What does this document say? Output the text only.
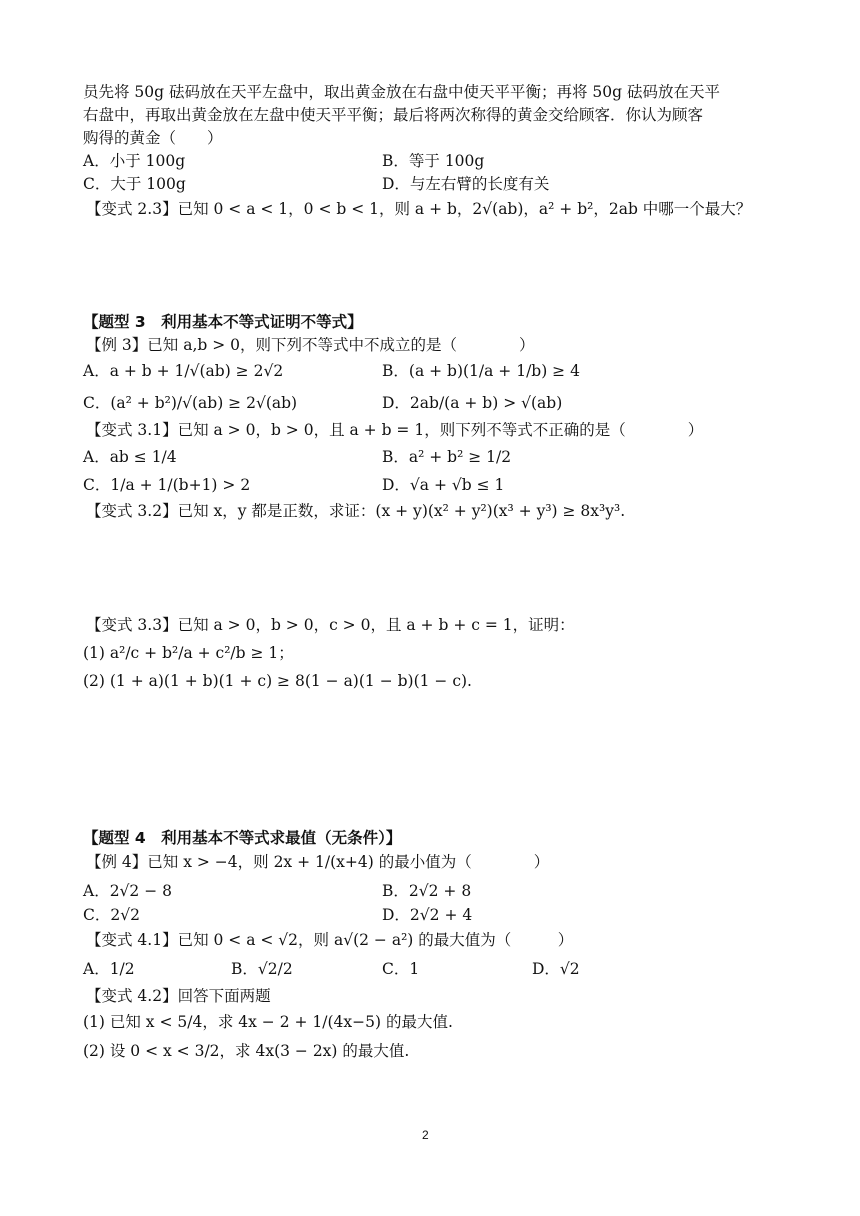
员先将 50g 砝码放在天平左盘中，取出黄金放在右盘中使天平平衡；再将 50g 砝码放在天平
右盘中，再取出黄金放在左盘中使天平平衡；最后将两次称得的黄金交给顾客．你认为顾客
购得的黄金（　　）
A．小于 100g	B．等于 100g
C．大于 100g	D．与左右臂的长度有关
【变式 2.3】已知 0 < a < 1，0 < b < 1，则 a + b，2√(ab)，a² + b²，2ab 中哪一个最大？
【题型 3　利用基本不等式证明不等式】
【例 3】已知 a,b > 0，则下列不等式中不成立的是（　　　　）
A．a + b + 1/√(ab) ≥ 2√2	B．(a + b)(1/a + 1/b) ≥ 4
C．(a² + b²)/√(ab) ≥ 2√(ab)	D．2ab/(a + b) > √(ab)
【变式 3.1】已知 a > 0，b > 0，且 a + b = 1，则下列不等式不正确的是（　　　　）
A．ab ≤ 1/4	B．a² + b² ≥ 1/2
C．1/a + 1/(b+1) > 2	D．√a + √b ≤ 1
【变式 3.2】已知 x，y 都是正数，求证：(x + y)(x² + y²)(x³ + y³) ≥ 8x³y³.
【变式 3.3】已知 a > 0，b > 0，c > 0，且 a + b + c = 1，证明：
(1) a²/c + b²/a + c²/b ≥ 1；
(2) (1 + a)(1 + b)(1 + c) ≥ 8(1 − a)(1 − b)(1 − c).
【题型 4　利用基本不等式求最值（无条件）】
【例 4】已知 x > −4，则 2x + 1/(x+4) 的最小值为（　　　　）
A．2√2 − 8	B．2√2 + 8
C．2√2	D．2√2 + 4
【变式 4.1】已知 0 < a < √2，则 a√(2 − a²) 的最大值为（　　　）
A．1/2	B．√2/2	C．1	D．√2
【变式 4.2】回答下面两题
(1) 已知 x < 5/4，求 4x − 2 + 1/(4x−5) 的最大值.
(2) 设 0 < x < 3/2，求 4x(3 − 2x) 的最大值.
2
